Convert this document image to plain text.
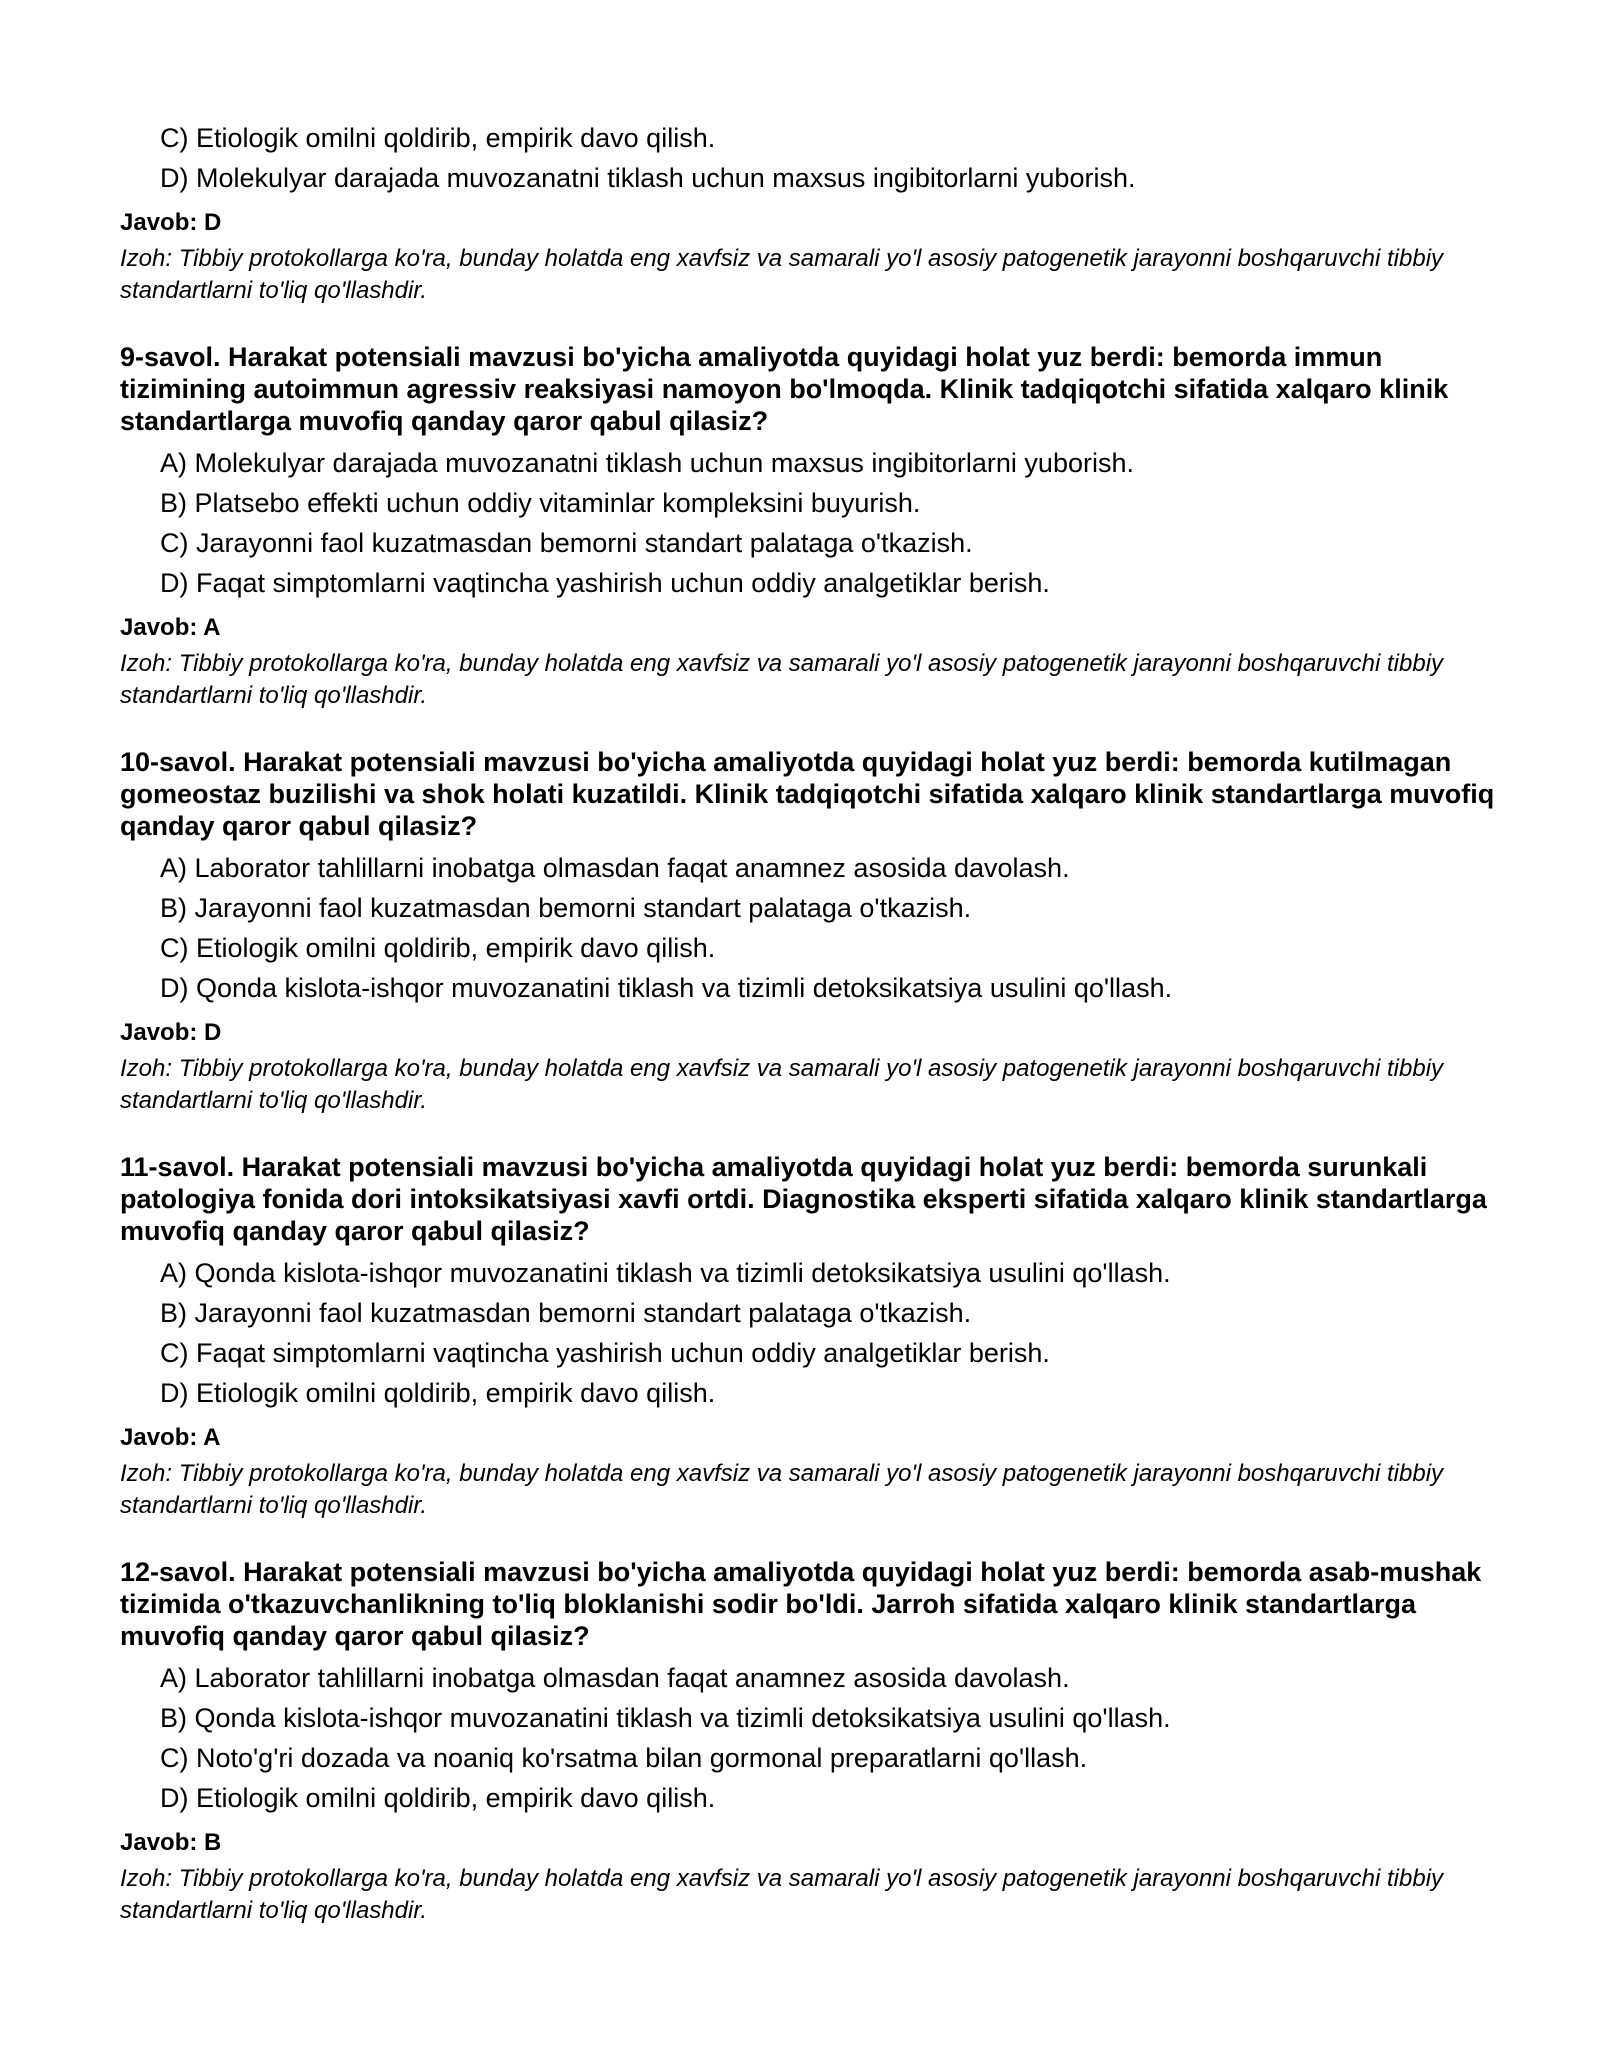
C) Etiologik omilni qoldirib, empirik davo qilish.
D) Molekulyar darajada muvozanatni tiklash uchun maxsus ingibitorlarni yuborish.
Javob: D
Izoh: Tibbiy protokollarga ko'ra, bunday holatda eng xavfsiz va samarali yo'l asosiy patogenetik jarayonni boshqaruvchi tibbiy standartlarni to'liq qo'llashdir.
9-savol. Harakat potensiali mavzusi bo'yicha amaliyotda quyidagi holat yuz berdi: bemorda immun tizimining autoimmun agressiv reaksiyasi namoyon bo'lmoqda. Klinik tadqiqotchi sifatida xalqaro klinik standartlarga muvofiq qanday qaror qabul qilasiz?
A) Molekulyar darajada muvozanatni tiklash uchun maxsus ingibitorlarni yuborish.
B) Platsebo effekti uchun oddiy vitaminlar kompleksini buyurish.
C) Jarayonni faol kuzatmasdan bemorni standart palataga o'tkazish.
D) Faqat simptomlarni vaqtincha yashirish uchun oddiy analgetiklar berish.
Javob: A
Izoh: Tibbiy protokollarga ko'ra, bunday holatda eng xavfsiz va samarali yo'l asosiy patogenetik jarayonni boshqaruvchi tibbiy standartlarni to'liq qo'llashdir.
10-savol. Harakat potensiali mavzusi bo'yicha amaliyotda quyidagi holat yuz berdi: bemorda kutilmagan gomeostaz buzilishi va shok holati kuzatildi. Klinik tadqiqotchi sifatida xalqaro klinik standartlarga muvofiq qanday qaror qabul qilasiz?
A) Laborator tahlillarni inobatga olmasdan faqat anamnez asosida davolash.
B) Jarayonni faol kuzatmasdan bemorni standart palataga o'tkazish.
C) Etiologik omilni qoldirib, empirik davo qilish.
D) Qonda kislota-ishqor muvozanatini tiklash va tizimli detoksikatsiya usulini qo'llash.
Javob: D
Izoh: Tibbiy protokollarga ko'ra, bunday holatda eng xavfsiz va samarali yo'l asosiy patogenetik jarayonni boshqaruvchi tibbiy standartlarni to'liq qo'llashdir.
11-savol. Harakat potensiali mavzusi bo'yicha amaliyotda quyidagi holat yuz berdi: bemorda surunkali patologiya fonida dori intoksikatsiyasi xavfi ortdi. Diagnostika eksperti sifatida xalqaro klinik standartlarga muvofiq qanday qaror qabul qilasiz?
A) Qonda kislota-ishqor muvozanatini tiklash va tizimli detoksikatsiya usulini qo'llash.
B) Jarayonni faol kuzatmasdan bemorni standart palataga o'tkazish.
C) Faqat simptomlarni vaqtincha yashirish uchun oddiy analgetiklar berish.
D) Etiologik omilni qoldirib, empirik davo qilish.
Javob: A
Izoh: Tibbiy protokollarga ko'ra, bunday holatda eng xavfsiz va samarali yo'l asosiy patogenetik jarayonni boshqaruvchi tibbiy standartlarni to'liq qo'llashdir.
12-savol. Harakat potensiali mavzusi bo'yicha amaliyotda quyidagi holat yuz berdi: bemorda asab-mushak tizimida o'tkazuvchanlikning to'liq bloklanishi sodir bo'ldi. Jarroh sifatida xalqaro klinik standartlarga muvofiq qanday qaror qabul qilasiz?
A) Laborator tahlillarni inobatga olmasdan faqat anamnez asosida davolash.
B) Qonda kislota-ishqor muvozanatini tiklash va tizimli detoksikatsiya usulini qo'llash.
C) Noto'g'ri dozada va noaniq ko'rsatma bilan gormonal preparatlarni qo'llash.
D) Etiologik omilni qoldirib, empirik davo qilish.
Javob: B
Izoh: Tibbiy protokollarga ko'ra, bunday holatda eng xavfsiz va samarali yo'l asosiy patogenetik jarayonni boshqaruvchi tibbiy standartlarni to'liq qo'llashdir.
